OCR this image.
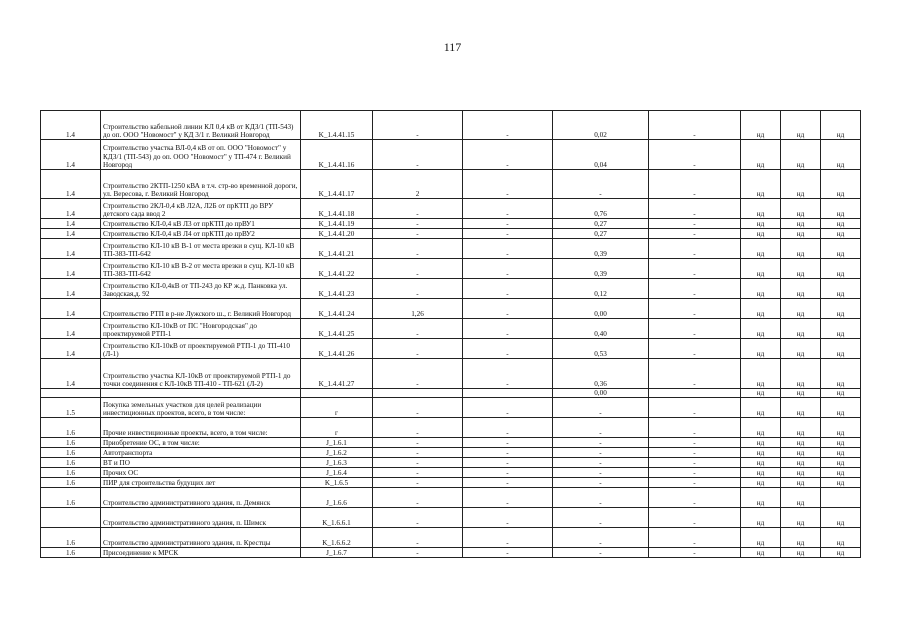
117
1.4	Строительство кабельной линии КЛ 0,4 кВ от КДЗ/1 (ТП-543) до оп. ООО "Новомост" у КД 3/1 г. Великий Новгород	K_1.4.41.15	-	-	0,02	-	нд	нд	нд
1.4	Строительство участка ВЛ-0,4 кВ от оп. ООО "Новомост" у КДЗ/1 (ТП-543) до оп. ООО "Новомост" у ТП-474 г. Великий Новгород	K_1.4.41.16	-	-	0,04	-	нд	нд	нд
1.4	Строительство 2КТП-1250 кВА в т.ч. стр-во временной дороги, ул. Вересова, г. Великий Новгород	K_1.4.41.17	2	-	-	-	нд	нд	нд
1.4	Строительство 2КЛ-0,4 кВ Л2А, Л2Б от прКТП до ВРУ детского сада ввод 2	K_1.4.41.18	-	-	0,76	-	нд	нд	нд
1.4	Строительство КЛ-0,4 кВ Л3 от прКТП до прВУ1	K_1.4.41.19	-	-	0,27	-	нд	нд	нд
1.4	Строительство КЛ-0,4 кВ Л4 от прКТП до прВУ2	K_1.4.41.20	-	-	0,27	-	нд	нд	нд
1.4	Строительство КЛ-10 кВ В-1 от места врезки в сущ. КЛ-10 кВ ТП-383-ТП-642	K_1.4.41.21	-	-	0,39	-	нд	нд	нд
1.4	Строительство КЛ-10 кВ В-2 от места врезки в сущ. КЛ-10 кВ ТП-383-ТП-642	K_1.4.41.22	-	-	0,39	-	нд	нд	нд
1.4	Строительство КЛ-0,4кВ от ТП-243 до КР ж.д. Панковка ул. Заводская,д. 92	K_1.4.41.23	-	-	0,12	-	нд	нд	нд
1.4	Строительство РТП в р-не Лужского ш., г. Великий Новгород	K_1.4.41.24	1,26	-	0,00	-	нд	нд	нд
1.4	Строительство КЛ-10кВ от ПС "Новгородская" до проектируемой РТП-1	K_1.4.41.25	-	-	0,40	-	нд	нд	нд
1.4	Строительство КЛ-10кВ от проектируемой РТП-1 до ТП-410 (Л-1)	K_1.4.41.26	-	-	0,53	-	нд	нд	нд
1.4	Строительство участка КЛ-10кВ от проектируемой РТП-1 до точки соединения с КЛ-10кВ ТП-410 - ТП-621 (Л-2)	K_1.4.41.27	-	-	0,36	-	нд	нд	нд
					0,00		нд	нд	нд
1.5	Покупка земельных участков для целей реализации инвестиционных проектов, всего, в том числе:	г	-	-	-	-	нд	нд	нд
1.6	Прочие инвестиционные проекты, всего, в том числе:	г	-	-	-	-	нд	нд	нд
1.6	Приобретение ОС, в том числе:	J_1.6.1	-	-	-	-	нд	нд	нд
1.6	Автотранспорта	J_1.6.2	-	-	-	-	нд	нд	нд
1.6	ВТ и ПО	J_1.6.3	-	-	-	-	нд	нд	нд
1.6	Прочих ОС	J_1.6.4	-	-	-	-	нд	нд	нд
1.6	ПИР для строительства будущих лет	K_1.6.5	-	-	-	-	нд	нд	нд
1.6	Строительство административного здания, п. Демянск	J_1.6.6	-	-	-	-	нд	нд	
	Строительство административного здания, п. Шимск	K_1.6.6.1	-	-	-	-	нд	нд	нд
1.6	Строительство административного здания, п. Крестцы	K_1.6.6.2	-	-	-	-	нд	нд	нд
1.6	Присоединение к МРСК	J_1.6.7	-	-	-	-	нд	нд	нд
